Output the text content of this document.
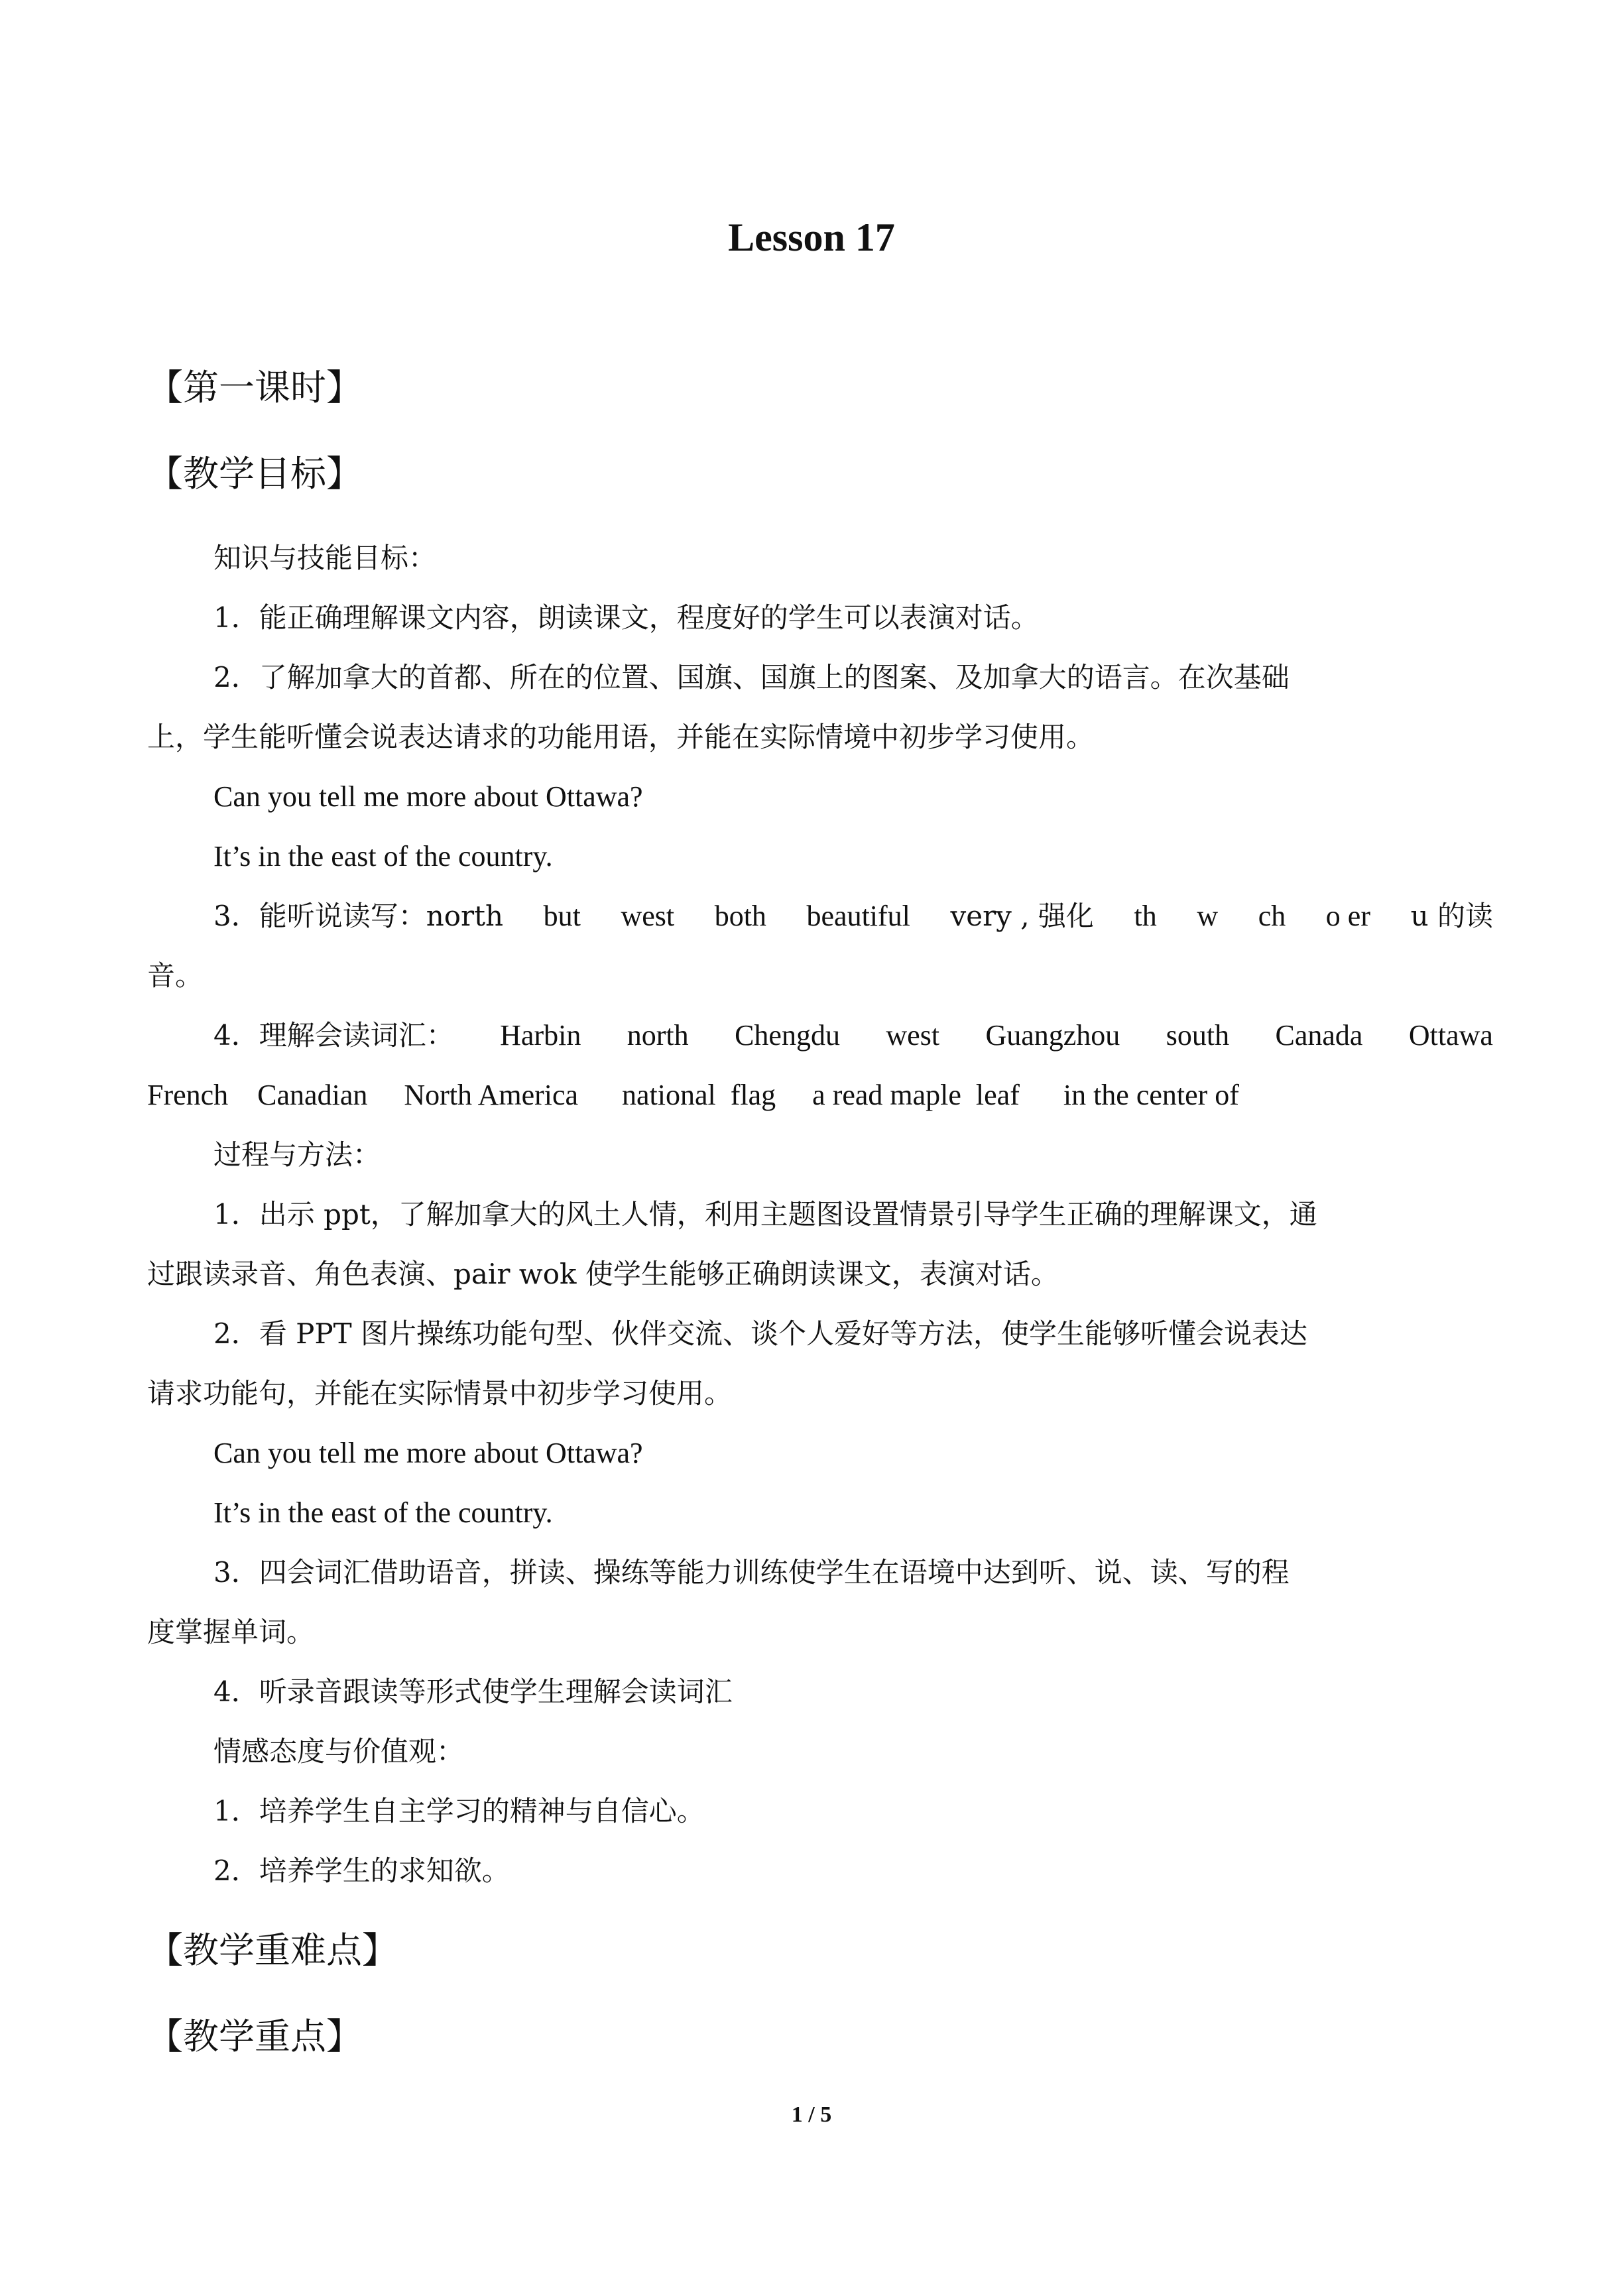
Lesson 17
【第一课时】
【教学目标】
知识与技能目标：
1．能正确理解课文内容，朗读课文，程度好的学生可以表演对话。
2．了解加拿大的首都、所在的位置、国旗、国旗上的图案、及加拿大的语言。在次基础
上，学生能听懂会说表达请求的功能用语，并能在实际情境中初步学习使用。
Can you tell me more about Ottawa?
It’s in the east of the country.
3．能听说读写：north but west both beautiful very , 强化 th w ch o er u 的读
音。
4．理解会读词汇： Harbin north Chengdu west Guangzhou south Canada Ottawa
French    Canadian     North America      national  flag     a read maple  leaf      in the center of
过程与方法：
1．出示 ppt，了解加拿大的风土人情，利用主题图设置情景引导学生正确的理解课文，通
过跟读录音、角色表演、pair wok 使学生能够正确朗读课文，表演对话。
2．看 PPT 图片操练功能句型、伙伴交流、谈个人爱好等方法，使学生能够听懂会说表达
请求功能句，并能在实际情景中初步学习使用。
Can you tell me more about Ottawa?
It’s in the east of the country.
3．四会词汇借助语音，拼读、操练等能力训练使学生在语境中达到听、说、读、写的程
度掌握单词。
4．听录音跟读等形式使学生理解会读词汇
情感态度与价值观：
1．培养学生自主学习的精神与自信心。
2．培养学生的求知欲。
【教学重难点】
【教学重点】
1 / 5
